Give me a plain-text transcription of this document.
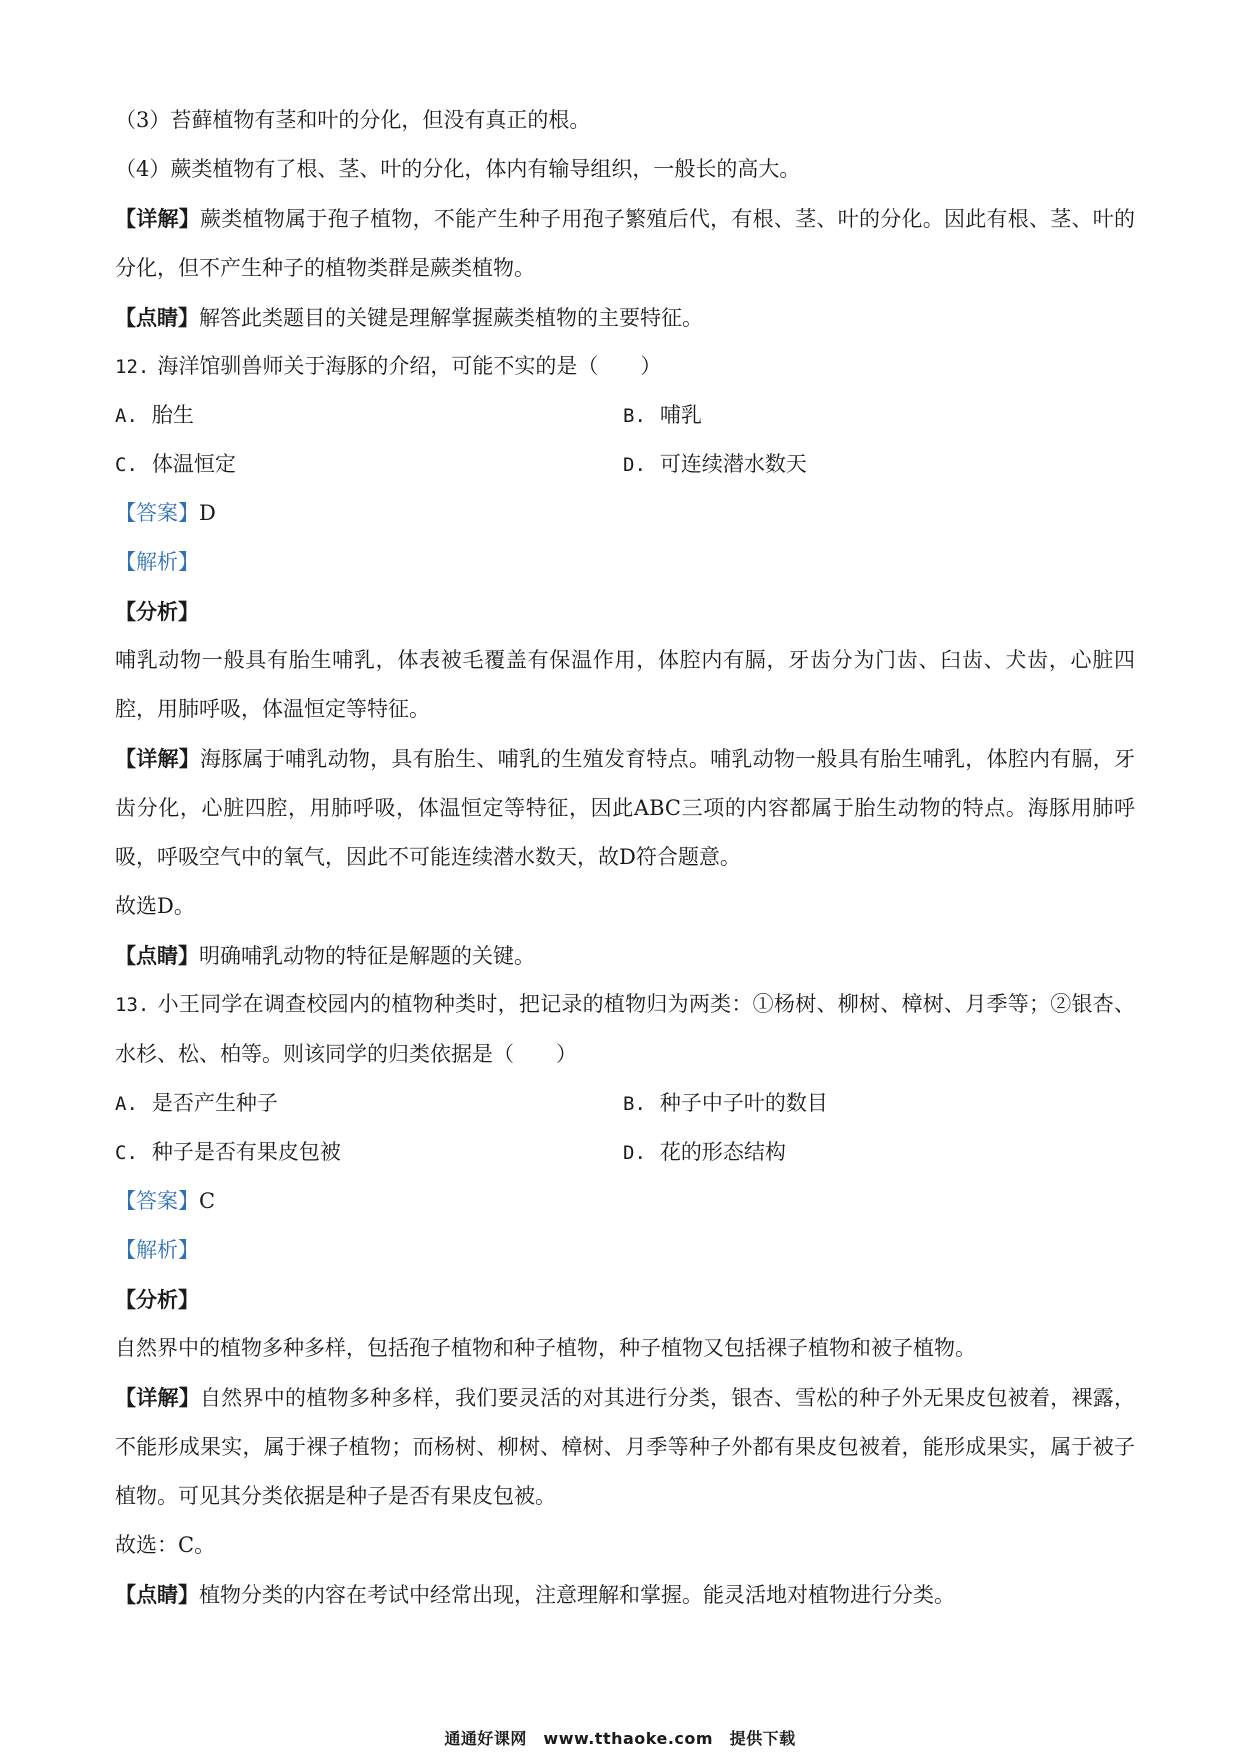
（3）苔藓植物有茎和叶的分化，但没有真正的根。
（4）蕨类植物有了根、茎、叶的分化，体内有输导组织，一般长的高大。
【详解】蕨类植物属于孢子植物，不能产生种子用孢子繁殖后代，有根、茎、叶的分化。因此有根、茎、叶的分化，但不产生种子的植物类群是蕨类植物。
【点睛】解答此类题目的关键是理解掌握蕨类植物的主要特征。
12. 海洋馆驯兽师关于海豚的介绍，可能不实的是（　　）
A. 胎生	B. 哺乳
C. 体温恒定	D. 可连续潜水数天
【答案】D
【解析】
【分析】
哺乳动物一般具有胎生哺乳，体表被毛覆盖有保温作用，体腔内有膈，牙齿分为门齿、臼齿、犬齿，心脏四腔，用肺呼吸，体温恒定等特征。
【详解】海豚属于哺乳动物，具有胎生、哺乳的生殖发育特点。哺乳动物一般具有胎生哺乳，体腔内有膈，牙齿分化，心脏四腔，用肺呼吸，体温恒定等特征，因此ABC三项的内容都属于胎生动物的特点。海豚用肺呼吸，呼吸空气中的氧气，因此不可能连续潜水数天，故D符合题意。
故选D。
【点睛】明确哺乳动物的特征是解题的关键。
13. 小王同学在调查校园内的植物种类时，把记录的植物归为两类：①杨树、柳树、樟树、月季等；②银杏、水杉、松、柏等。则该同学的归类依据是（　　）
A. 是否产生种子	B. 种子中子叶的数目
C. 种子是否有果皮包被	D. 花的形态结构
【答案】C
【解析】
【分析】
自然界中的植物多种多样，包括孢子植物和种子植物，种子植物又包括裸子植物和被子植物。
【详解】自然界中的植物多种多样，我们要灵活的对其进行分类，银杏、雪松的种子外无果皮包被着，裸露，不能形成果实，属于裸子植物；而杨树、柳树、樟树、月季等种子外都有果皮包被着，能形成果实，属于被子植物。可见其分类依据是种子是否有果皮包被。
故选：C。
【点睛】植物分类的内容在考试中经常出现，注意理解和掌握。能灵活地对植物进行分类。
通通好课网　www.tthaoke.com　提供下载
